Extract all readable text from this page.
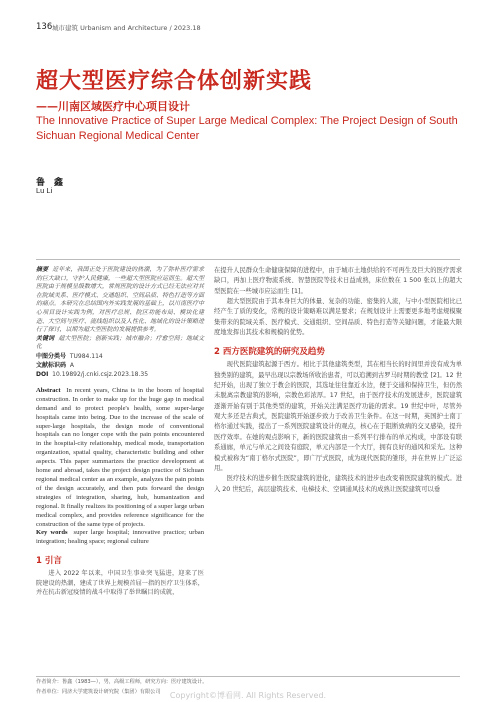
136 城市建筑 Urbanism and Architecture / 2023.18
超大型医疗综合体创新实践
——川南区域医疗中心项目设计
The Innovative Practice of Super Large Medical Complex: The Project Design of South Sichuan Regional Medical Center
鲁　鑫
Lu Li
摘要 近年来，我国正处于医院建设的热潮，为了弥补医疗需求的巨大缺口，守护人民健康，一些超大型医院应运而生。超大型医院由于规模呈级数增大，常规医院的设计方式已经无法应对其在院域关系、医疗模式、交通组织、空间品质、特色打造等方面的痛点。本研究在总结国内外实践发展的基础上，以川南医疗中心项目设计实践为例，对医疗总规、院区功能布局、模块化建造、大空间与医疗、流线组织以及人性化、地域化的设计策略进行了探讨，以期为超大型医院的发展提供参考。
关键词 超大型医院；创新实践；城市融合；疗愈空间；地域文化
中图分类号 TU984.114
文献标识码 A
DOI 10.19892/j.cnki.csjz.2023.18.35
Abstract In recent years, China is in the boom of hospital construction. In order to make up for the huge gap in medical demand and to protect people's health, some super-large hospitals came into being. Due to the increase of the scale of super-large hospitals, the design mode of conventional hospitals can no longer cope with the pain points encountered in the hospital-city relationship, medical mode, transportation organization, spatial quality, characteristic building and other aspects. This paper summarizes the practice development at home and abroad, takes the project design practice of Sichuan regional medical center as an example, analyzes the pain points of the design accurately, and then puts forward the design strategies of integration, sharing, hub, humanization and regional. It finally realizes its positioning of a super large urban medical complex, and provides reference significance for the construction of the same type of projects.
Key words super large hospital; innovative practice; urban integration; healing space; regional culture
1 引言
进入 2022 年以来，中国卫生事业突飞猛进，迎来了医院建设的热潮，建成了世界上规模首屈一指的医疗卫生体系，并在抗击新冠疫情的战斗中取得了举世瞩目的成就，
在提升人民群众生命健康保障的进程中，由于城市土地供给的不可再生及巨大的医疗需求缺口，再加上医疗物流系统、智慧医院等技术日益成熟，床位数在 1 500 张以上的超大型医院在一些城市应运而生 [1]。
超大型医院由于其本身巨大的体量、复杂的功能、密集的人流，与中小型医院相比已经产生了质的变化，常规的设计策略难以满足要求；在规划设计上需要更多地考虑规模聚集带来的院域关系、医疗模式、交通组织、空间品质、特色打造等关键问题，才能最大限度地发挥出其技术和规模的优势。
2 西方医院建筑的研究及趋势
现代医院建筑起源于西方。相比于其他建筑类型，其在相当长的时间里并没有成为单独类别的建筑，最早出现以宗教场所收治患者，可以追溯到古罗马时期的教堂 [2]。12 世纪开始，出现了独立于教会的医院，其选址往往靠近水边，便于交通和保持卫生，但仍然未脱离宗教建筑的影响，宗教色彩浓厚。17 世纪，由于医疗技术的发展进步，医院建筑逐渐开始有别于其他类型的建筑，开始关注满足医疗功能的需求。19 世纪中叶，尽管外观大多还是古典式，医院建筑开始逐步致力于改善卫生条件。在这一时期，英国护士南丁格尔通过实践，提出了一系列医院建筑设计的观点，核心在于阻断致病的交叉感染，提升医疗效率。在她的观点影响下，新的医院建筑由一系列平行排布的单元构成，中部设有联系通廊，单元与单元之间设有庭院，单元内部是一个大厅，拥有良好的通风和采光。这种模式被称为“南丁格尔式医院”，即广厅式医院，成为现代医院的雏形，并在世界上广泛运用。
医疗技术的进步催生医院建筑的进化，建筑技术的进步也改变着医院建筑的模式。进入 20 世纪后，高层建筑技术、电梯技术、空调通风技术的成熟让医院建筑可以垂
作者简介：鲁鑫（1983—），男，高级工程师，研究方向：医疗建筑设计。
作者单位：同济大学建筑设计研究院（集团）有限公司	Copyright©博看网. All Rights Reserved.
